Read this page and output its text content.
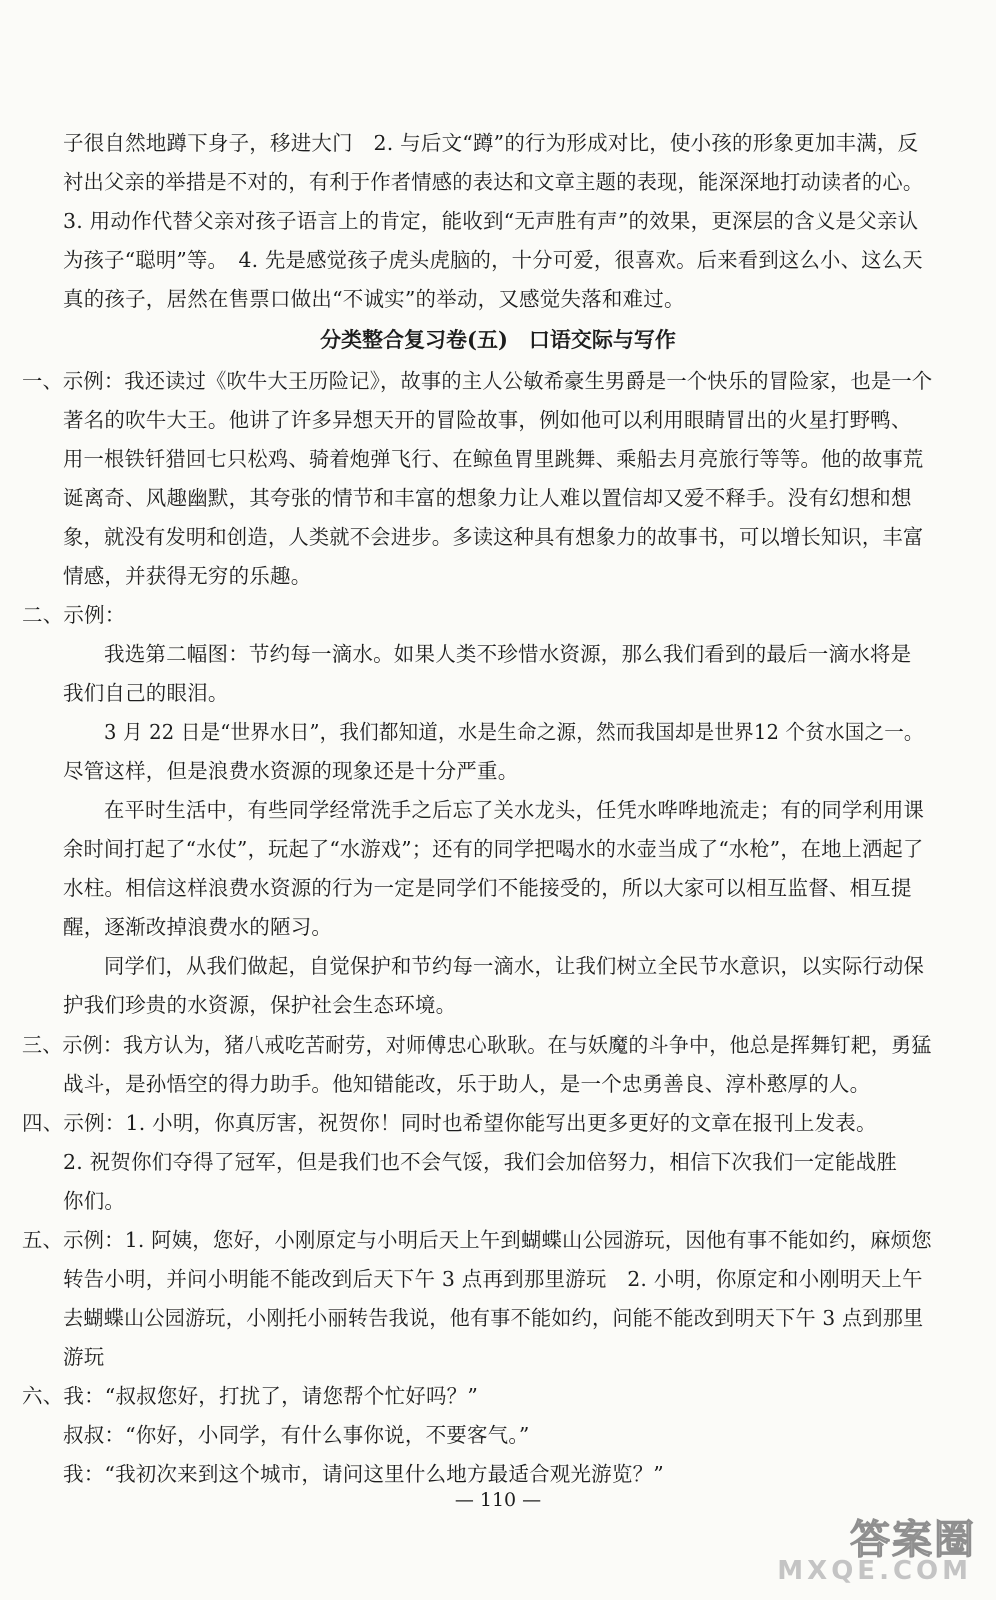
子很自然地蹲下身子，移进大门　2. 与后文“蹲”的行为形成对比，使小孩的形象更加丰满，反
衬出父亲的举措是不对的，有利于作者情感的表达和文章主题的表现，能深深地打动读者的心。
3. 用动作代替父亲对孩子语言上的肯定，能收到“无声胜有声”的效果，更深层的含义是父亲认
为孩子“聪明”等。　4. 先是感觉孩子虎头虎脑的，十分可爱，很喜欢。后来看到这么小、这么天
真的孩子，居然在售票口做出“不诚实”的举动，又感觉失落和难过。
分类整合复习卷(五)　口语交际与写作
一、示例：我还读过《吹牛大王历险记》，故事的主人公敏希豪生男爵是一个快乐的冒险家，也是一个
著名的吹牛大王。他讲了许多异想天开的冒险故事，例如他可以利用眼睛冒出的火星打野鸭、
用一根铁钎猎回七只松鸡、骑着炮弹飞行、在鲸鱼胃里跳舞、乘船去月亮旅行等等。他的故事荒
诞离奇、风趣幽默，其夸张的情节和丰富的想象力让人难以置信却又爱不释手。没有幻想和想
象，就没有发明和创造，人类就不会进步。多读这种具有想象力的故事书，可以增长知识，丰富
情感，并获得无穷的乐趣。
二、示例：
我选第二幅图：节约每一滴水。如果人类不珍惜水资源，那么我们看到的最后一滴水将是
我们自己的眼泪。
3 月 22 日是“世界水日”，我们都知道，水是生命之源，然而我国却是世界12 个贫水国之一。
尽管这样，但是浪费水资源的现象还是十分严重。
在平时生活中，有些同学经常洗手之后忘了关水龙头，任凭水哗哗地流走；有的同学利用课
余时间打起了“水仗”，玩起了“水游戏”；还有的同学把喝水的水壶当成了“水枪”，在地上洒起了
水柱。相信这样浪费水资源的行为一定是同学们不能接受的，所以大家可以相互监督、相互提
醒，逐渐改掉浪费水的陋习。
同学们，从我们做起，自觉保护和节约每一滴水，让我们树立全民节水意识，以实际行动保
护我们珍贵的水资源，保护社会生态环境。
三、示例：我方认为，猪八戒吃苦耐劳，对师傅忠心耿耿。在与妖魔的斗争中，他总是挥舞钉耙，勇猛
战斗，是孙悟空的得力助手。他知错能改，乐于助人，是一个忠勇善良、淳朴憨厚的人。
四、示例：1. 小明，你真厉害，祝贺你！同时也希望你能写出更多更好的文章在报刊上发表。
2. 祝贺你们夺得了冠军，但是我们也不会气馁，我们会加倍努力，相信下次我们一定能战胜
你们。
五、示例：1. 阿姨，您好，小刚原定与小明后天上午到蝴蝶山公园游玩，因他有事不能如约，麻烦您
转告小明，并问小明能不能改到后天下午 3 点再到那里游玩　2. 小明，你原定和小刚明天上午
去蝴蝶山公园游玩，小刚托小丽转告我说，他有事不能如约，问能不能改到明天下午 3 点到那里
游玩
六、我：“叔叔您好，打扰了，请您帮个忙好吗？”
叔叔：“你好，小同学，有什么事你说，不要客气。”
我：“我初次来到这个城市，请问这里什么地方最适合观光游览？”
— 110 —
答案圈
MXQE.COM
